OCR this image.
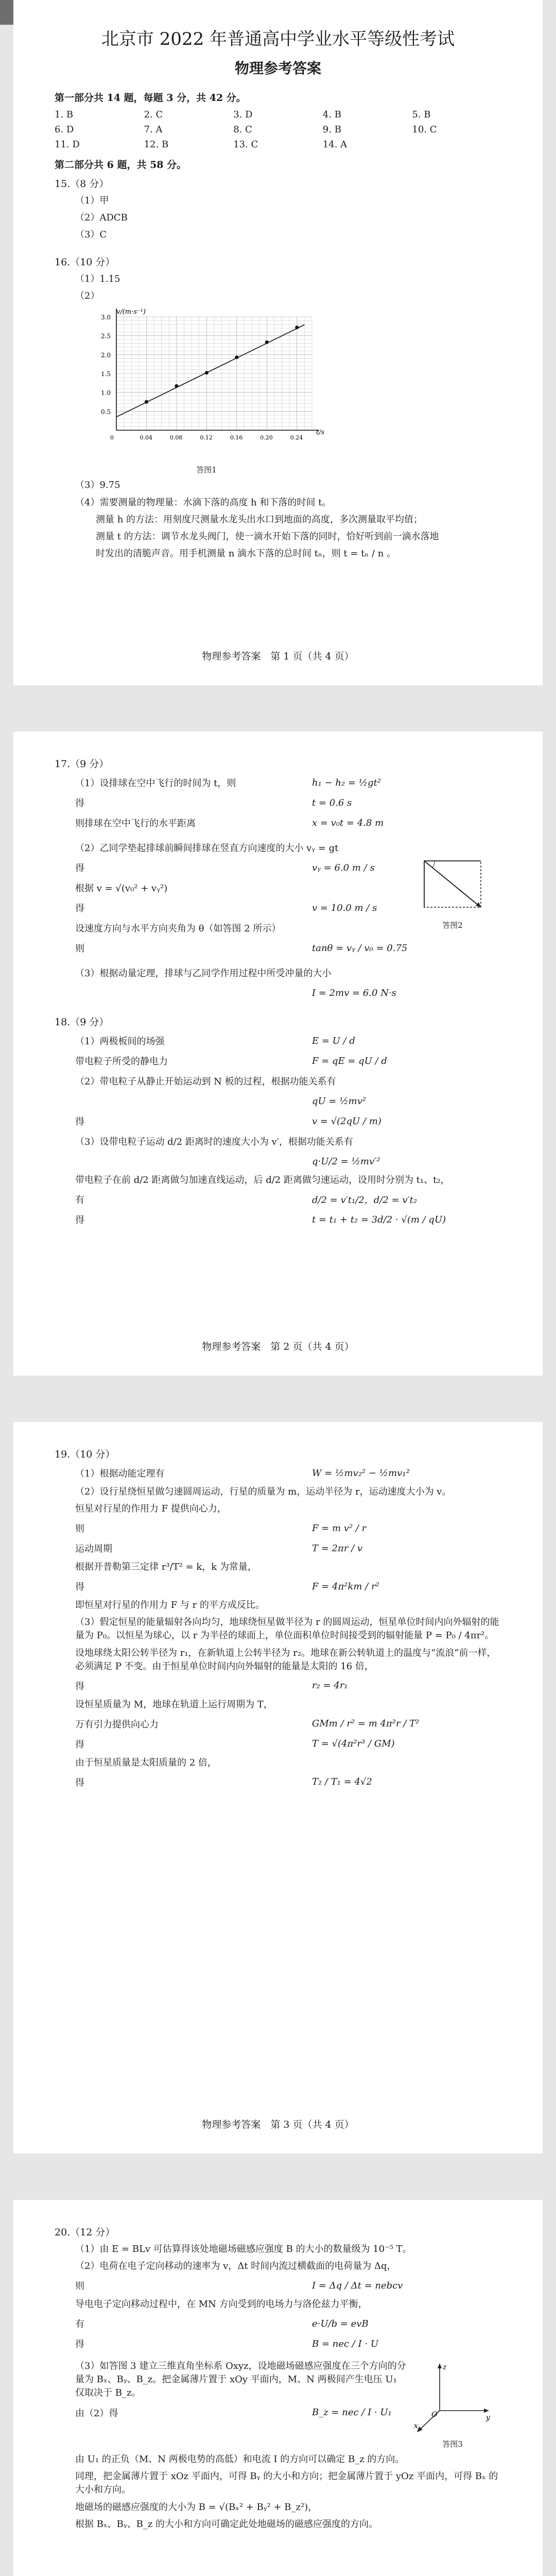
北京市 2022 年普通高中学业水平等级性考试
物理参考答案
第一部分共 14 题，每题 3 分，共 42 分。
1. B	2. C	3. D	4. B	5. B
6. D	7. A	8. C	9. B	10. C
11. D	12. B	13. C	14. A
第二部分共 6 题，共 58 分。
15.（8 分）
（1）甲
（2）ADCB
（3）C
16.（10 分）
（1）1.15
（2）
0.5
1.0
1.5
2.0
2.5
3.0
0	0.04	0.08	0.12	0.16	0.20	0.24
v/(m·s⁻¹)
t/s
答图1
（3）9.75
（4）需要测量的物理量：水滴下落的高度 h 和下落的时间 t。
测量 h 的方法：用刻度尺测量水龙头出水口到地面的高度，多次测量取平均值；
测量 t 的方法：调节水龙头阀门，使一滴水开始下落的同时，恰好听到前一滴水落地
时发出的清脆声音。用手机测量 n 滴水下落的总时间 tₙ，则 t = tₙ / n 。
物理参考答案　第 1 页（共 4 页）
17.（9 分）
（1）设排球在空中飞行的时间为 t，则	h₁ − h₂ = ½gt²
得	t = 0.6 s
则排球在空中飞行的水平距离	x = v₀t = 4.8 m
（2）乙同学垫起排球前瞬间排球在竖直方向速度的大小 vᵧ = gt
得	vᵧ = 6.0 m / s
根据 v = √(v₀² + vᵧ²)
得	v = 10.0 m / s
设速度方向与水平方向夹角为 θ（如答图 2 所示）
则	tanθ = vᵧ / v₀ = 0.75
答图2
（3）根据动量定理，排球与乙同学作用过程中所受冲量的大小
I = 2mv = 6.0 N·s
18.（9 分）
（1）两极板间的场强	E = U / d
带电粒子所受的静电力	F = qE = qU / d
（2）带电粒子从静止开始运动到 N 板的过程，根据功能关系有
qU = ½mv²
得	v = √(2qU / m)
（3）设带电粒子运动 d/2 距离时的速度大小为 v′，根据功能关系有
q·U/2 = ½mv′²
带电粒子在前 d/2 距离做匀加速直线运动，后 d/2 距离做匀速运动，设用时分别为 t₁、t₂，
有	d/2 = v′t₁/2，d/2 = v′t₂
得	t = t₁ + t₂ = 3d/2 · √(m / qU)
物理参考答案　第 2 页（共 4 页）
19.（10 分）
（1）根据动能定理有	W = ½mv₂² − ½mv₁²
（2）设行星绕恒星做匀速圆周运动，行星的质量为 m，运动半径为 r，运动速度大小为 v。
恒星对行星的作用力 F 提供向心力，
则	F = m v² / r
运动周期	T = 2πr / v
根据开普勒第三定律 r³/T² = k，k 为常量，
得	F = 4π²km / r²
即恒星对行星的作用力 F 与 r 的平方成反比。
（3）假定恒星的能量辐射各向均匀，地球绕恒星做半径为 r 的圆周运动，恒星单位时间内向外辐射的能量为 P₀。以恒星为球心，以 r 为半径的球面上，单位面积单位时间接受到的辐射能量 P = P₀ / 4πr²。
设地球绕太阳公转半径为 r₁，在新轨道上公转半径为 r₂。地球在新公转轨道上的温度与“流浪”前一样，必须满足 P 不变。由于恒星单位时间内向外辐射的能量是太阳的 16 倍，
得	r₂ = 4r₁
设恒星质量为 M，地球在轨道上运行周期为 T，
万有引力提供向心力	GMm / r² = m 4π²r / T²
得	T = √(4π²r³ / GM)
由于恒星质量是太阳质量的 2 倍，
得	T₂ / T₁ = 4√2
物理参考答案　第 3 页（共 4 页）
20.（12 分）
（1）由 E = BLv 可估算得该处地磁场磁感应强度 B 的大小的数量级为 10⁻⁵ T。
（2）电荷在电子定向移动的速率为 v，Δt 时间内流过横截面的电荷量为 Δq，
则	I = Δq / Δt = nebcv
导电电子定向移动过程中，在 MN 方向受到的电场力与洛伦兹力平衡，
有	e·U/b = evB
得	B = nec / I · U
（3）如答图 3 建立三维直角坐标系 Oxyz，设地磁场磁感应强度在三个方向的分量为 Bₓ、Bᵧ、B_z。把金属薄片置于 xOy 平面内，M、N 两极间产生电压 U₁ 仅取决于 B_z。
由（2）得	B_z = nec / I · U₁
z
y
x
O
答图3
由 U₁ 的正负（M、N 两极电势的高低）和电流 I 的方向可以确定 B_z 的方向。
同理，把金属薄片置于 xOz 平面内，可得 Bᵧ 的大小和方向；把金属薄片置于 yOz 平面内，可得 Bₓ 的大小和方向。
地磁场的磁感应强度的大小为 B = √(Bₓ² + Bᵧ² + B_z²)，
根据 Bₓ、Bᵧ、B_z 的大小和方向可确定此处地磁场的磁感应强度的方向。
